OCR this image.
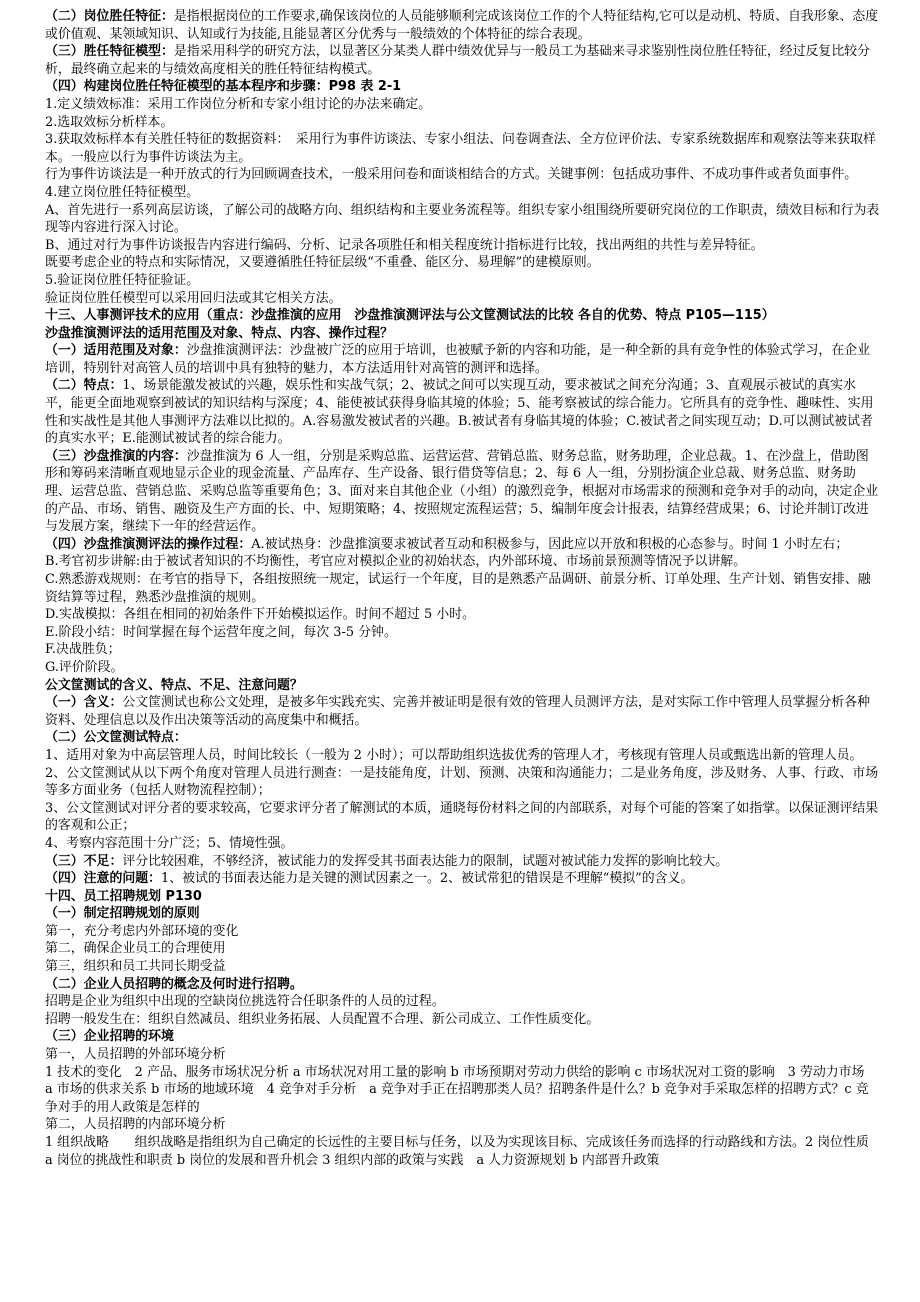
（二）岗位胜任特征：是指根据岗位的工作要求,确保该岗位的人员能够顺利完成该岗位工作的个人特征结构,它可以是动机、特质、自我形象、态度或价值观、某领域知识、认知或行为技能,且能显著区分优秀与一般绩效的个体特征的综合表现。

（三）胜任特征模型：是指采用科学的研究方法，以显著区分某类人群中绩效优异与一般员工为基础来寻求鉴别性岗位胜任特征，经过反复比较分析，最终确立起来的与绩效高度相关的胜任特征结构模式。

（四）构建岗位胜任特征模型的基本程序和步骤：P98 表 2-1

1.定义绩效标准：采用工作岗位分析和专家小组讨论的办法来确定。

2.选取效标分析样本。

3.获取效标样本有关胜任特征的数据资料：　采用行为事件访谈法、专家小组法、问卷调查法、全方位评价法、专家系统数据库和观察法等来获取样本。一般应以行为事件访谈法为主。

行为事件访谈法是一种开放式的行为回顾调查技术，一般采用问卷和面谈相结合的方式。关键事例：包括成功事件、不成功事件或者负面事件。

4.建立岗位胜任特征模型。

A、首先进行一系列高层访谈，了解公司的战略方向、组织结构和主要业务流程等。组织专家小组围绕所要研究岗位的工作职责，绩效目标和行为表现等内容进行深入讨论。

B、通过对行为事件访谈报告内容进行编码、分析、记录各项胜任和相关程度统计指标进行比较，找出两组的共性与差异特征。

既要考虑企业的特点和实际情况，又要遵循胜任特征层级“不重叠、能区分、易理解”的建模原则。

5.验证岗位胜任特征验证。

验证岗位胜任模型可以采用回归法或其它相关方法。

十三、人事测评技术的应用（重点：沙盘推演的应用　沙盘推演测评法与公文筐测试法的比较 各自的优势、特点 P105—115）

沙盘推演测评法的适用范围及对象、特点、内容、操作过程？

（一）适用范围及对象：沙盘推演测评法：沙盘被广泛的应用于培训，也被赋予新的内容和功能，是一种全新的具有竞争性的体验式学习，在企业培训，特别针对高管人员的培训中具有独特的魅力，本方法适用针对高管的测评和选择。

（二）特点：1、场景能激发被试的兴趣，娱乐性和实战气氛；2、被试之间可以实现互动，要求被试之间充分沟通；3、直观展示被试的真实水平，能更全面地观察到被试的知识结构与深度；4、能使被试获得身临其境的体验；5、能考察被试的综合能力。它所具有的竞争性、趣味性、实用性和实战性是其他人事测评方法难以比拟的。A.容易激发被试者的兴趣。B.被试者有身临其境的体验；C.被试者之间实现互动；D.可以测试被试者的真实水平；E.能测试被试者的综合能力。

（三）沙盘推演的内容：沙盘推演为 6 人一组，分别是采购总监、运营运营、营销总监、财务总监，财务助理，企业总裁。1、在沙盘上，借助图形和筹码来清晰直观地显示企业的现金流量、产品库存、生产设备、银行借贷等信息；2、每 6 人一组，分别扮演企业总裁、财务总监、财务助理、运营总监、营销总监、采购总监等重要角色；3、面对来自其他企业（小组）的激烈竞争，根据对市场需求的预测和竞争对手的动向，决定企业的产品、市场、销售、融资及生产方面的长、中、短期策略；4、按照规定流程运营；5、编制年度会计报表，结算经营成果；6、讨论并制订改进与发展方案，继续下一年的经营运作。

（四）沙盘推演测评法的操作过程：A.被试热身：沙盘推演要求被试者互动和积极参与，因此应以开放和积极的心态参与。时间 1 小时左右；

B.考官初步讲解:由于被试者知识的不均衡性，考官应对模拟企业的初始状态，内外部环境、市场前景预测等情况予以讲解。

C.熟悉游戏规则：在考官的指导下，各组按照统一规定，试运行一个年度，目的是熟悉产品调研、前景分析、订单处理、生产计划、销售安排、融资结算等过程，熟悉沙盘推演的规则。

D.实战模拟：各组在相同的初始条件下开始模拟运作。时间不超过 5 小时。

E.阶段小结：时间掌握在每个运营年度之间，每次 3-5 分钟。

F.决战胜负；

G.评价阶段。

公文筐测试的含义、特点、不足、注意问题？

（一）含义：公文筐测试也称公文处理，是被多年实践充实、完善并被证明是很有效的管理人员测评方法，是对实际工作中管理人员掌握分析各种资料、处理信息以及作出决策等活动的高度集中和概括。

（二）公文筐测试特点：

1、适用对象为中高层管理人员，时间比较长（一般为 2 小时）；可以帮助组织选拔优秀的管理人才，考核现有管理人员或甄选出新的管理人员。

2、公文筐测试从以下两个角度对管理人员进行测查：一是技能角度，计划、预测、决策和沟通能力；二是业务角度，涉及财务、人事、行政、市场等多方面业务（包括人财物流程控制）；

3、公文筐测试对评分者的要求较高，它要求评分者了解测试的本质，通晓每份材料之间的内部联系，对每个可能的答案了如指掌。以保证测评结果的客观和公正；

4、考察内容范围十分广泛；5、情境性强。

（三）不足：评分比较困难，不够经济，被试能力的发挥受其书面表达能力的限制，试题对被试能力发挥的影响比较大。

（四）注意的问题：1、被试的书面表达能力是关键的测试因素之一。2、被试常犯的错误是不理解“模拟”的含义。

十四、员工招聘规划 P130

（一）制定招聘规划的原则

第一，充分考虑内外部环境的变化

第二，确保企业员工的合理使用

第三，组织和员工共同长期受益

（二）企业人员招聘的概念及何时进行招聘。

招聘是企业为组织中出现的空缺岗位挑选符合任职条件的人员的过程。

招聘一般发生在：组织自然减员、组织业务拓展、人员配置不合理、新公司成立、工作性质变化。

（三）企业招聘的环境

第一，人员招聘的外部环境分析

1 技术的变化　2 产品、服务市场状况分析 a 市场状况对用工量的影响 b 市场预期对劳动力供给的影响 c 市场状况对工资的影响　3 劳动力市场　a 市场的供求关系 b 市场的地域环境　4 竞争对手分析　a 竞争对手正在招聘那类人员？招聘条件是什么？b 竞争对手采取怎样的招聘方式？c 竞争对手的用人政策是怎样的

第二，人员招聘的内部环境分析

1 组织战略　　组织战略是指组织为自己确定的长远性的主要目标与任务，以及为实现该目标、完成该任务而选择的行动路线和方法。2 岗位性质　a 岗位的挑战性和职责 b 岗位的发展和晋升机会 3 组织内部的政策与实践　a 人力资源规划 b 内部晋升政策
